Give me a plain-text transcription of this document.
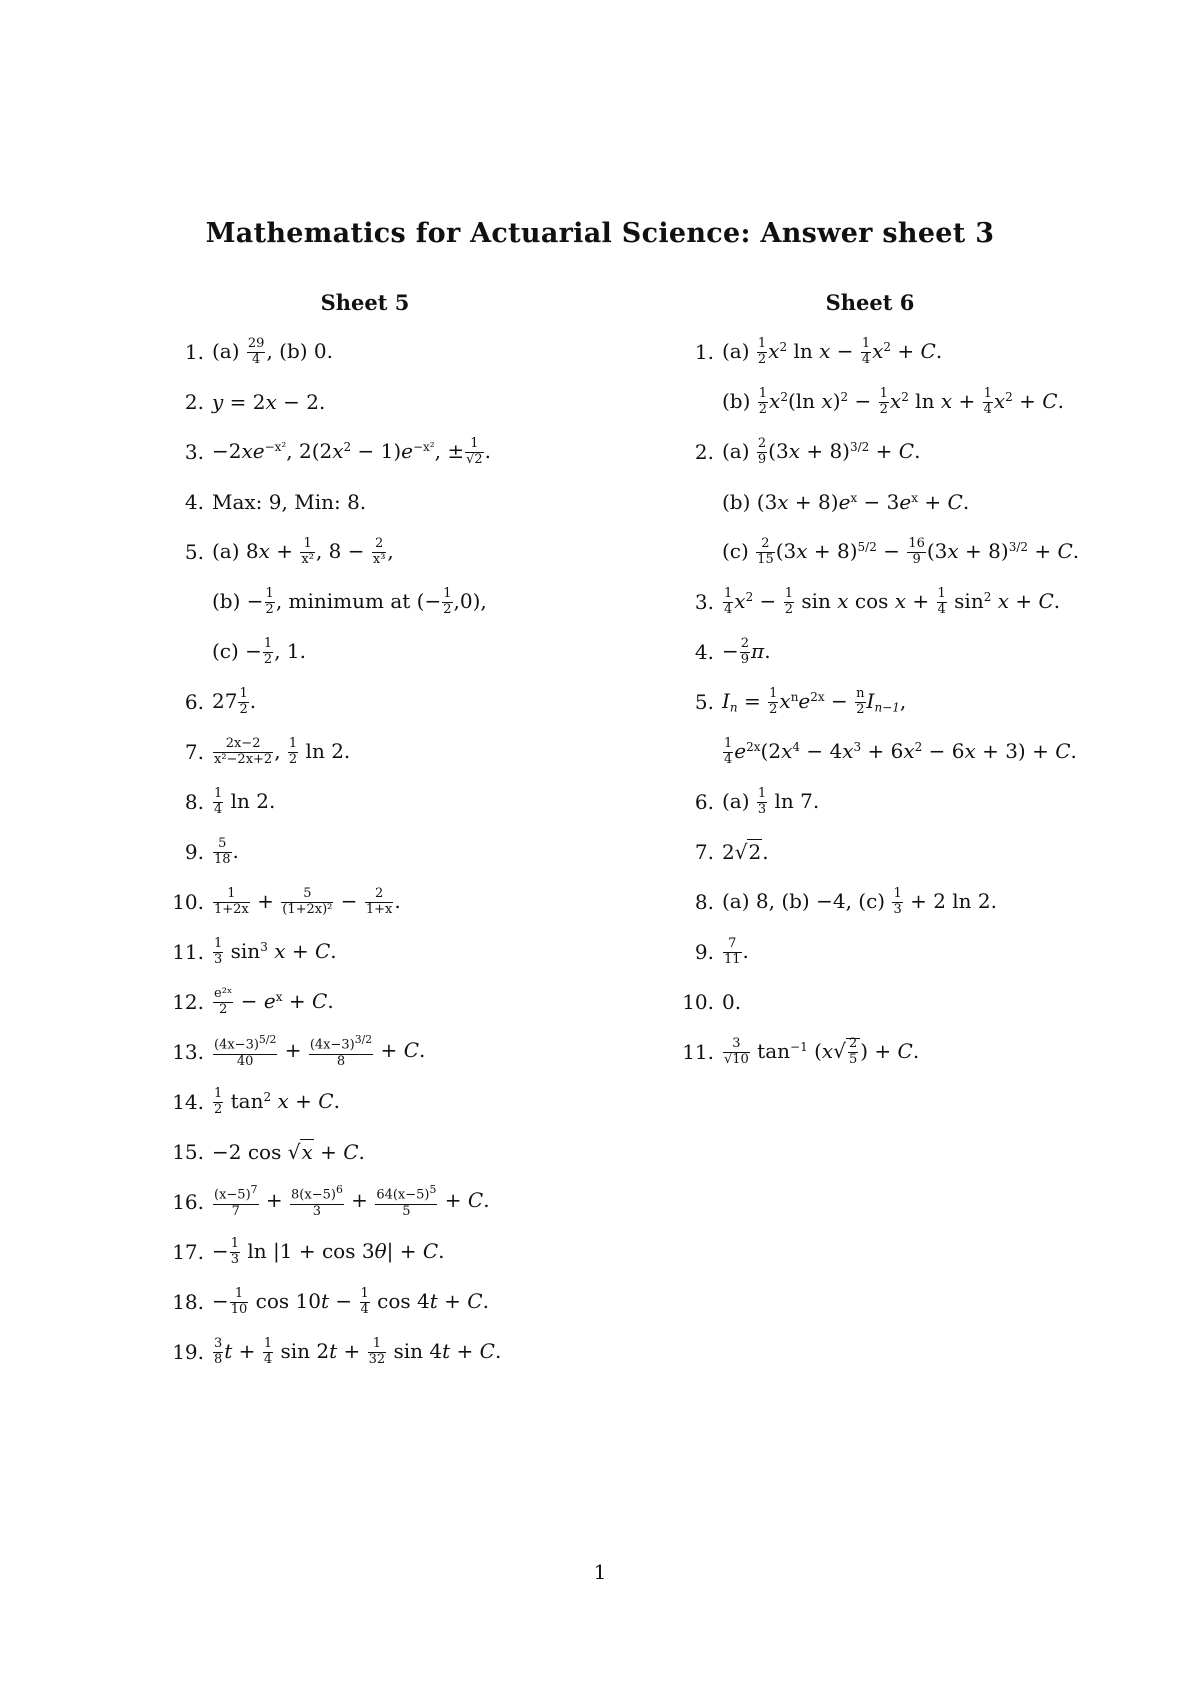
Mathematics for Actuarial Science: Answer sheet 3
Sheet 5
1. $(a) \frac{29}{4}$ , (b) 0.
2. y = 2x − 2.
3. $-2xe^{-x^2}$, $2(2x^2 - 1)e^{-x^2}$, ± $\frac{1}{√2}$ .
4. Max: 9, Min: 8.
5. (a) $8x + \frac{1}{\text{x²}}$ , $8 - \frac{2}{\text{x³}}$ ,
$(b) - \frac{1}{2}$ , minimum at (− $\frac{1}{2} ,0$),
$(c) - \frac{1}{2}$ , 1.
6. $27 \frac{1}{2}$ .
7. $\frac{2x-2}{\text{x²−2x+2}}$ , $\frac{1}{2}$ ln 2.
8. $\frac{1}{4}$ ln 2.
9. $\frac{5}{18}$ .
10. $\frac{1}{1+2x} + \frac{5}{\text{(1+2x)²}} - \frac{2}{1+x}$ .
11. $\frac{1}{3} \sin^3 x + C$.
12. $\frac{\text{e²ˣ}}{2} - e^x + C$.
13. $\frac{(4x-3)^{5/2}}{40} + \frac{(4x-3)^{3/2}}{8} + C$.
14. $\frac{1}{2} \tan^2 x + C$.
15. −2 cos √x + C.
16. $\frac{(x-5)^7}{7} + \frac{8(x-5)^6}{3} + \frac{64(x-5)^5}{5} + C$.
17. − $\frac{1}{3}$ ln |1 + cos 3θ| + C.
18. − $\frac{1}{10}$ $\cos 10t - \frac{1}{4}$ cos 4t + C.
19. $\frac{3}{8}$ $t + \frac{1}{4}$ $\sin 2t + \frac{1}{32}$ sin 4t + C.
Sheet 6
1. $(a) \frac{1}{2} x^2$ $\ln x - \frac{1}{4} x^2 + C$.
$(b) \frac{1}{2} x^2(\ln$ $x)^2 - \frac{1}{2} x^2$ $\ln x + \frac{1}{4} x^2 + C$.
2. $(a) \frac{2}{9} (3x + 8)^{3/2} + C$.
(b) $(3x + 8)e^x - 3e^x + C$.
$(c) \frac{2}{15} (3x + 8)^{5/2} - \frac{16}{9} (3x + 8)^{3/2} + C$.
3. $\frac{1}{4} x^2 - \frac{1}{2}$ sin x $\cos x + \frac{1}{4} \sin^2 x + C$.
4. − $\frac{2}{9} \pi$.
5. $I_n = \frac{1}{2} x^ne^{2x} - \frac{n}{2} I_{n-1}$,
$\frac{1}{4} e^{2x}(2x^4 - 4x^3 + 6x^2 - 6x + 3) + C$.
6. $(a) \frac{1}{3}$ ln 7.
7. 2√2.
8. (a) 8, (b) −4, $(c) \frac{1}{3} + 2$ ln 2.
9. $\frac{7}{11}$ .
10. 0.
11. $\frac{3}{√10} \tan^{-1} (x√ \frac{2}{5}$ ) + C.
1
